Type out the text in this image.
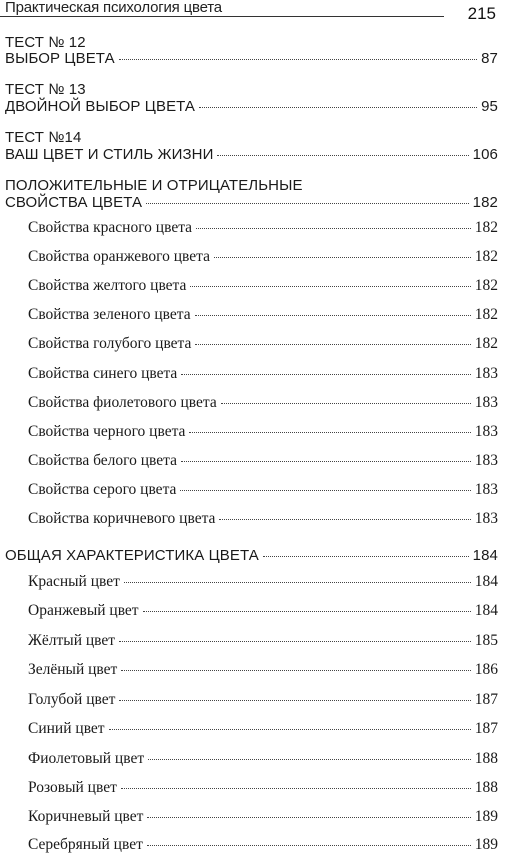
Практическая психология цвета	215
ТЕСТ № 12
ВЫБОР ЦВЕТА	87
ТЕСТ № 13
ДВОЙНОЙ ВЫБОР ЦВЕТА	95
ТЕСТ №14
ВАШ ЦВЕТ И СТИЛЬ ЖИЗНИ	106
ПОЛОЖИТЕЛЬНЫЕ И ОТРИЦАТЕЛЬНЫЕ
СВОЙСТВА ЦВЕТА	182
Свойства красного цвета	182
Свойства оранжевого цвета	182
Свойства желтого цвета	182
Свойства зеленого цвета	182
Свойства голубого цвета	182
Свойства синего цвета	183
Свойства фиолетового цвета	183
Свойства черного цвета	183
Свойства белого цвета	183
Свойства серого цвета	183
Свойства коричневого цвета	183
ОБЩАЯ ХАРАКТЕРИСТИКА ЦВЕТА	184
Красный цвет	184
Оранжевый цвет	184
Жёлтый цвет	185
Зелёный цвет	186
Голубой цвет	187
Синий цвет	187
Фиолетовый цвет	188
Розовый цвет	188
Коричневый цвет	189
Серебряный цвет	189
